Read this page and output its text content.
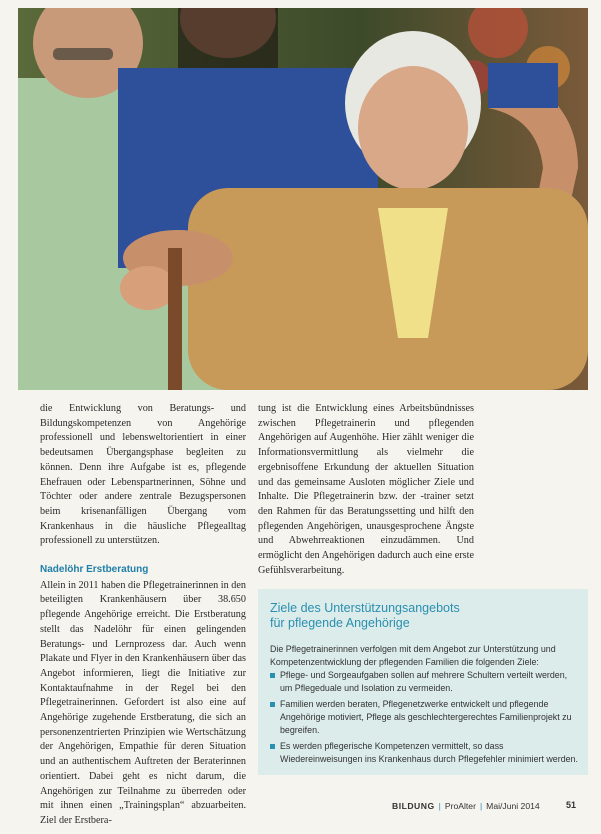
die Entwicklung von Beratungs- und Bildungskompetenzen von Angehörige professionell und lebensweltorientiert in einer bedeutsamen Übergangsphase begleiten zu können. Denn ihre Aufgabe ist es, pflegende Ehefrauen oder Lebenspartnerinnen, Söhne und Töchter oder andere zentrale Bezugspersonen beim krisenanfälligen Übergang vom Krankenhaus in die häusliche Pflegealltag professionell zu unterstützen.

Nadelöhr Erstberatung

Allein in 2011 haben die Pflegetrainerinnen in den beteiligten Krankenhäusern über 38.650 pflegende Angehörige erreicht. Die Erstberatung stellt das Nadelöhr für einen gelingenden Beratungs- und Lernprozess dar. Auch wenn Plakate und Flyer in den Krankenhäusern über das Angebot informieren, liegt die Initiative zur Kontaktaufnahme in der Regel bei den Pflegetrainerinnen. Gefordert ist also eine auf Angehörige zugehende Erstberatung, die sich an personenzentrierten Prinzipien wie Wertschätzung der Angehörigen, Empathie für deren Situation und an authentischem Auftreten der Beraterinnen orientiert. Dabei geht es nicht darum, die Angehörigen zur Teilnahme zu überreden oder mit ihnen einen „Trainingsplan“ abzuarbeiten. Ziel der Erstbera-

tung ist die Entwicklung eines Arbeitsbündnisses zwischen Pflegetrainerin und pflegenden Angehörigen auf Augenhöhe. Hier zählt weniger die Informationsvermittlung als vielmehr die ergebnisoffene Erkundung der aktuellen Situation und das gemeinsame Ausloten möglicher Ziele und Inhalte. Die Pflegetrainerin bzw. der -trainer setzt den Rahmen für das Beratungssetting und hilft den pflegenden Angehörigen, unausgesprochene Ängste und Abwehrreaktionen einzudämmen. Und ermöglicht den Angehörigen dadurch auch eine erste Gefühlsverarbeitung.

Ziele des Unterstützungsangebots
für pflegende Angehörige
Die Pflegetrainerinnen verfolgen mit dem Angebot zur Unterstützung und Kompetenzentwicklung der pflegenden Familien die folgenden Ziele:
Pflege- und Sorgeaufgaben sollen auf mehrere Schultern verteilt werden, um Pflegeduale und Isolation zu vermeiden.
Familien werden beraten, Pflegenetzwerke entwickelt und pflegende Angehörige motiviert, Pflege als geschlechtergerechtes Familienprojekt zu begreifen.
Es werden pflegerische Kompetenzen vermittelt, so dass Wiedereinweisungen ins Krankenhaus durch Pflegefehler minimiert werden.
BILDUNG | ProAlter | Mai/Juni 2014	51
